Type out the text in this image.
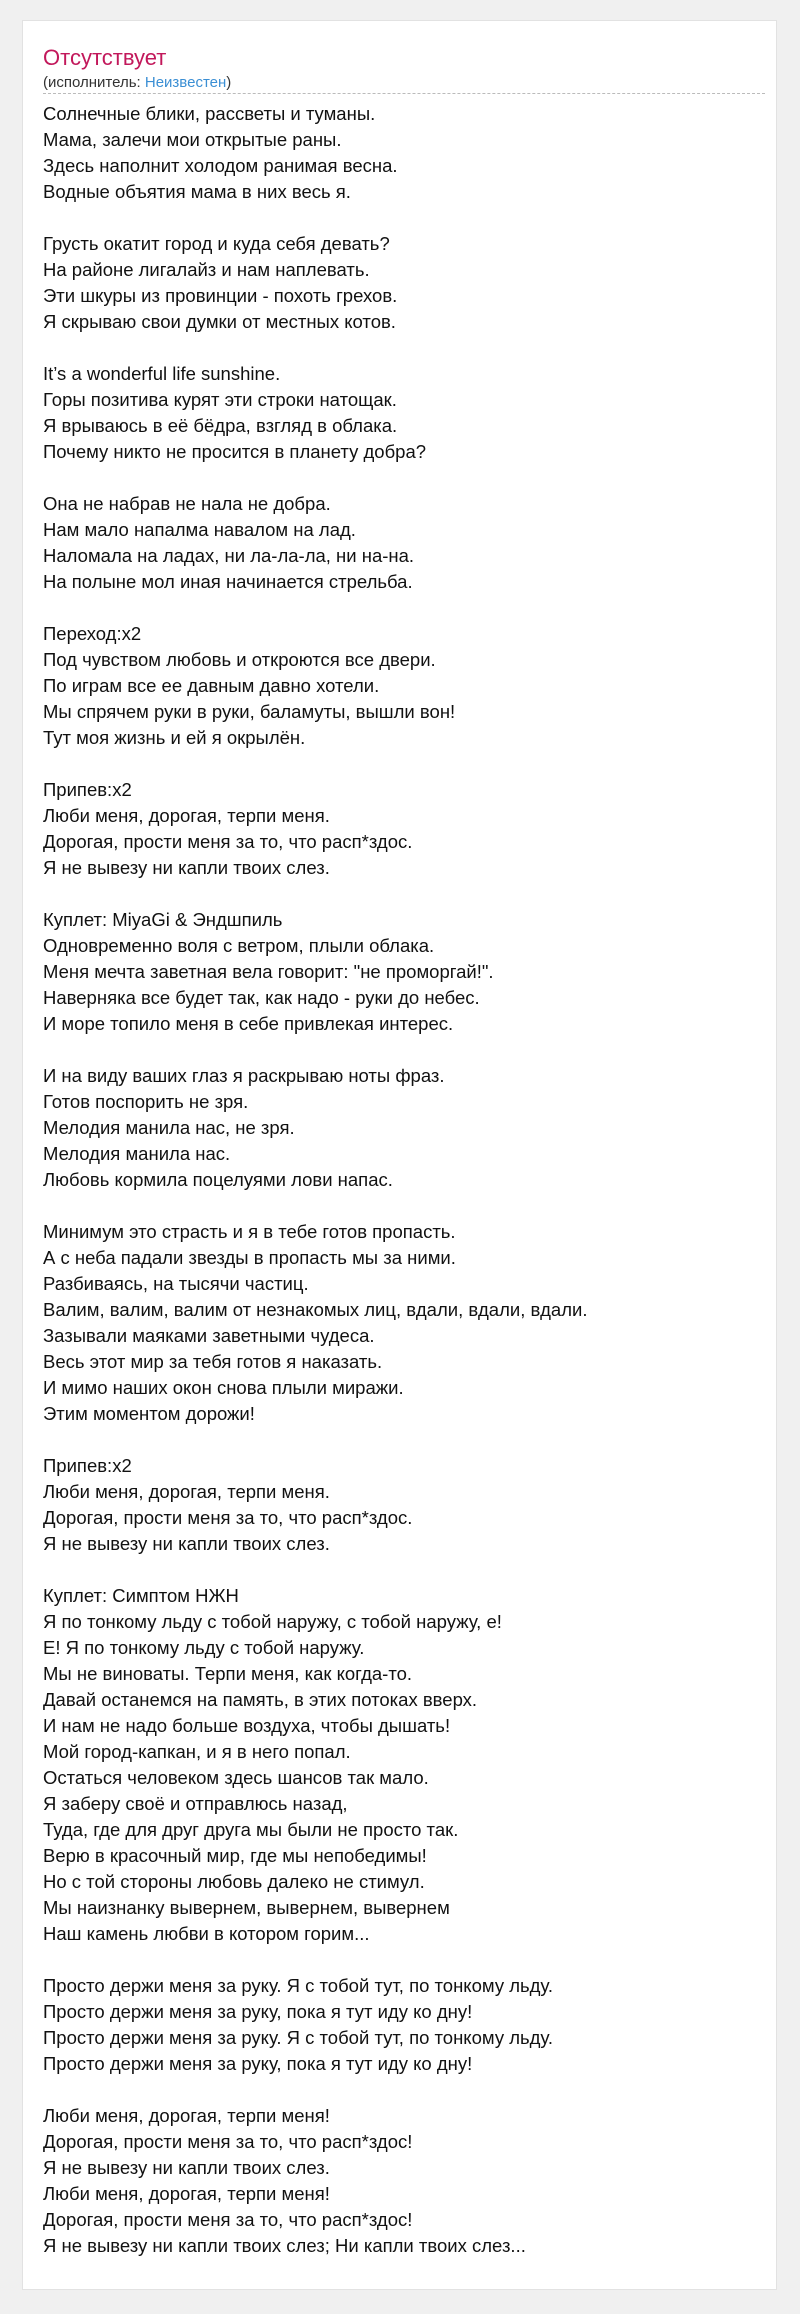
Отсутствует
(исполнитель: Неизвестен)
Солнечные блики, рассветы и туманы.
Мама, залечи мои открытые раны.
Здесь наполнит холодом ранимая весна.
Водные объятия мама в них весь я.
Грусть окатит город и куда себя девать?
На районе лигалайз и нам наплевать.
Эти шкуры из провинции - похоть грехов.
Я скрываю свои думки от местных котов.
It’s a wonderful life sunshine.
Горы позитива курят эти строки натощак.
Я врываюсь в её бёдра, взгляд в облака.
Почему никто не просится в планету добра?
Она не набрав не нала не добра.
Нам мало напалма навалом на лад.
Наломала на ладах, ни ла-ла-ла, ни на-на.
На полыне мол иная начинается стрельба.
Переход:x2
Под чувством любовь и откроются все двери.
По играм все ее давным давно хотели.
Мы спрячем руки в руки, баламуты, вышли вон!
Тут моя жизнь и ей я окрылён.
Припев:x2
Люби меня, дорогая, терпи меня.
Дорогая, прости меня за то, что расп*здос.
Я не вывезу ни капли твоих слез.
Куплет: MiyaGi & Эндшпиль
Одновременно воля с ветром, плыли облака.
Меня мечта заветная вела говорит: "не проморгай!".
Наверняка все будет так, как надо - руки до небес.
И море топило меня в себе привлекая интерес.
И на виду ваших глаз я раскрываю ноты фраз.
Готов поспорить не зря.
Мелодия манила нас, не зря.
Мелодия манила нас.
Любовь кормила поцелуями лови напас.
Минимум это страсть и я в тебе готов пропасть.
А с неба падали звезды в пропасть мы за ними.
Разбиваясь, на тысячи частиц.
Валим, валим, валим от незнакомых лиц, вдали, вдали, вдали.
Зазывали маяками заветными чудеса.
Весь этот мир за тебя готов я наказать.
И мимо наших окон снова плыли миражи.
Этим моментом дорожи!
Припев:x2
Люби меня, дорогая, терпи меня.
Дорогая, прости меня за то, что расп*здос.
Я не вывезу ни капли твоих слез.
Куплет: Симптом НЖН
Я по тонкому льду с тобой наружу, с тобой наружу, е!
Е! Я по тонкому льду с тобой наружу.
Мы не виноваты. Терпи меня, как когда-то.
Давай останемся на память, в этих потоках вверх.
И нам не надо больше воздуха, чтобы дышать!
Мой город-капкан, и я в него попал.
Остаться человеком здесь шансов так мало.
Я заберу своё и отправлюсь назад,
Туда, где для друг друга мы были не просто так.
Верю в красочный мир, где мы непобедимы!
Но с той стороны любовь далеко не стимул.
Мы наизнанку вывернем, вывернем, вывернем
Наш камень любви в котором горим...
Просто держи меня за руку. Я с тобой тут, по тонкому льду.
Просто держи меня за руку, пока я тут иду ко дну!
Просто держи меня за руку. Я с тобой тут, по тонкому льду.
Просто держи меня за руку, пока я тут иду ко дну!
Люби меня, дорогая, терпи меня!
Дорогая, прости меня за то, что расп*здос!
Я не вывезу ни капли твоих слез.
Люби меня, дорогая, терпи меня!
Дорогая, прости меня за то, что расп*здос!
Я не вывезу ни капли твоих слез; Ни капли твоих слез...
